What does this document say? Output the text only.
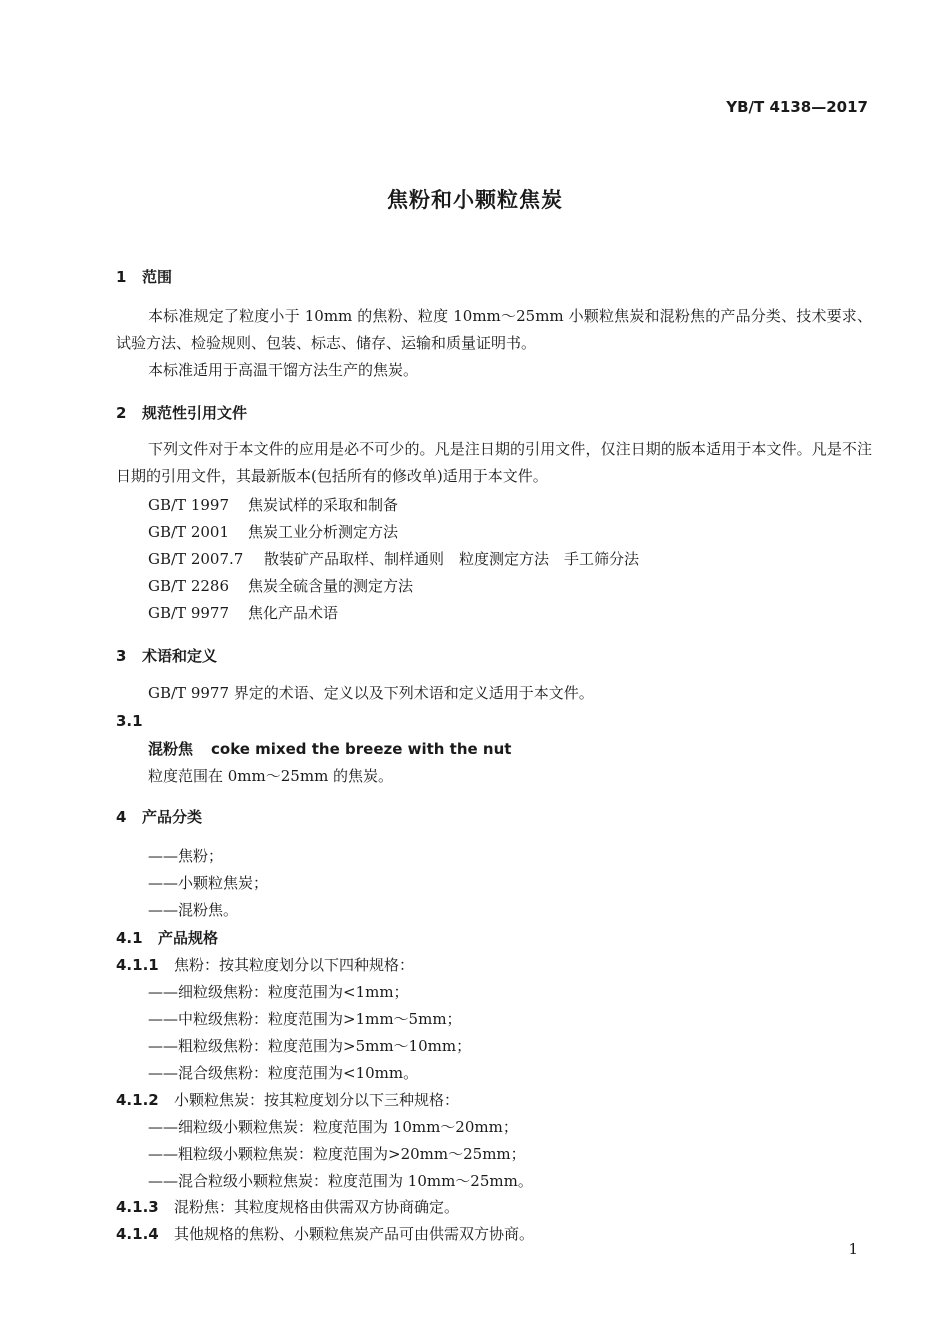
YB/T 4138—2017
焦粉和小颗粒焦炭
1 范围
本标准规定了粒度小于 10mm 的焦粉、粒度 10mm～25mm 小颗粒焦炭和混粉焦的产品分类、技术要求、试验方法、检验规则、包装、标志、储存、运输和质量证明书。
本标准适用于高温干馏方法生产的焦炭。
2 规范性引用文件
下列文件对于本文件的应用是必不可少的。凡是注日期的引用文件，仅注日期的版本适用于本文件。凡是不注日期的引用文件，其最新版本(包括所有的修改单)适用于本文件。
GB/T 1997 焦炭试样的采取和制备
GB/T 2001 焦炭工业分析测定方法
GB/T 2007.7 散装矿产品取样、制样通则　粒度测定方法　手工筛分法
GB/T 2286 焦炭全硫含量的测定方法
GB/T 9977 焦化产品术语
3 术语和定义
GB/T 9977 界定的术语、定义以及下列术语和定义适用于本文件。
3.1
混粉焦 coke mixed the breeze with the nut
粒度范围在 0mm～25mm 的焦炭。
4 产品分类
——焦粉；
——小颗粒焦炭；
——混粉焦。
4.1 产品规格
4.1.1 焦粉：按其粒度划分以下四种规格：
——细粒级焦粉：粒度范围为<1mm；
——中粒级焦粉：粒度范围为>1mm～5mm；
——粗粒级焦粉：粒度范围为>5mm～10mm；
——混合级焦粉：粒度范围为<10mm。
4.1.2 小颗粒焦炭：按其粒度划分以下三种规格：
——细粒级小颗粒焦炭：粒度范围为 10mm～20mm；
——粗粒级小颗粒焦炭：粒度范围为>20mm～25mm；
——混合粒级小颗粒焦炭：粒度范围为 10mm～25mm。
4.1.3 混粉焦：其粒度规格由供需双方协商确定。
4.1.4 其他规格的焦粉、小颗粒焦炭产品可由供需双方协商。
1
